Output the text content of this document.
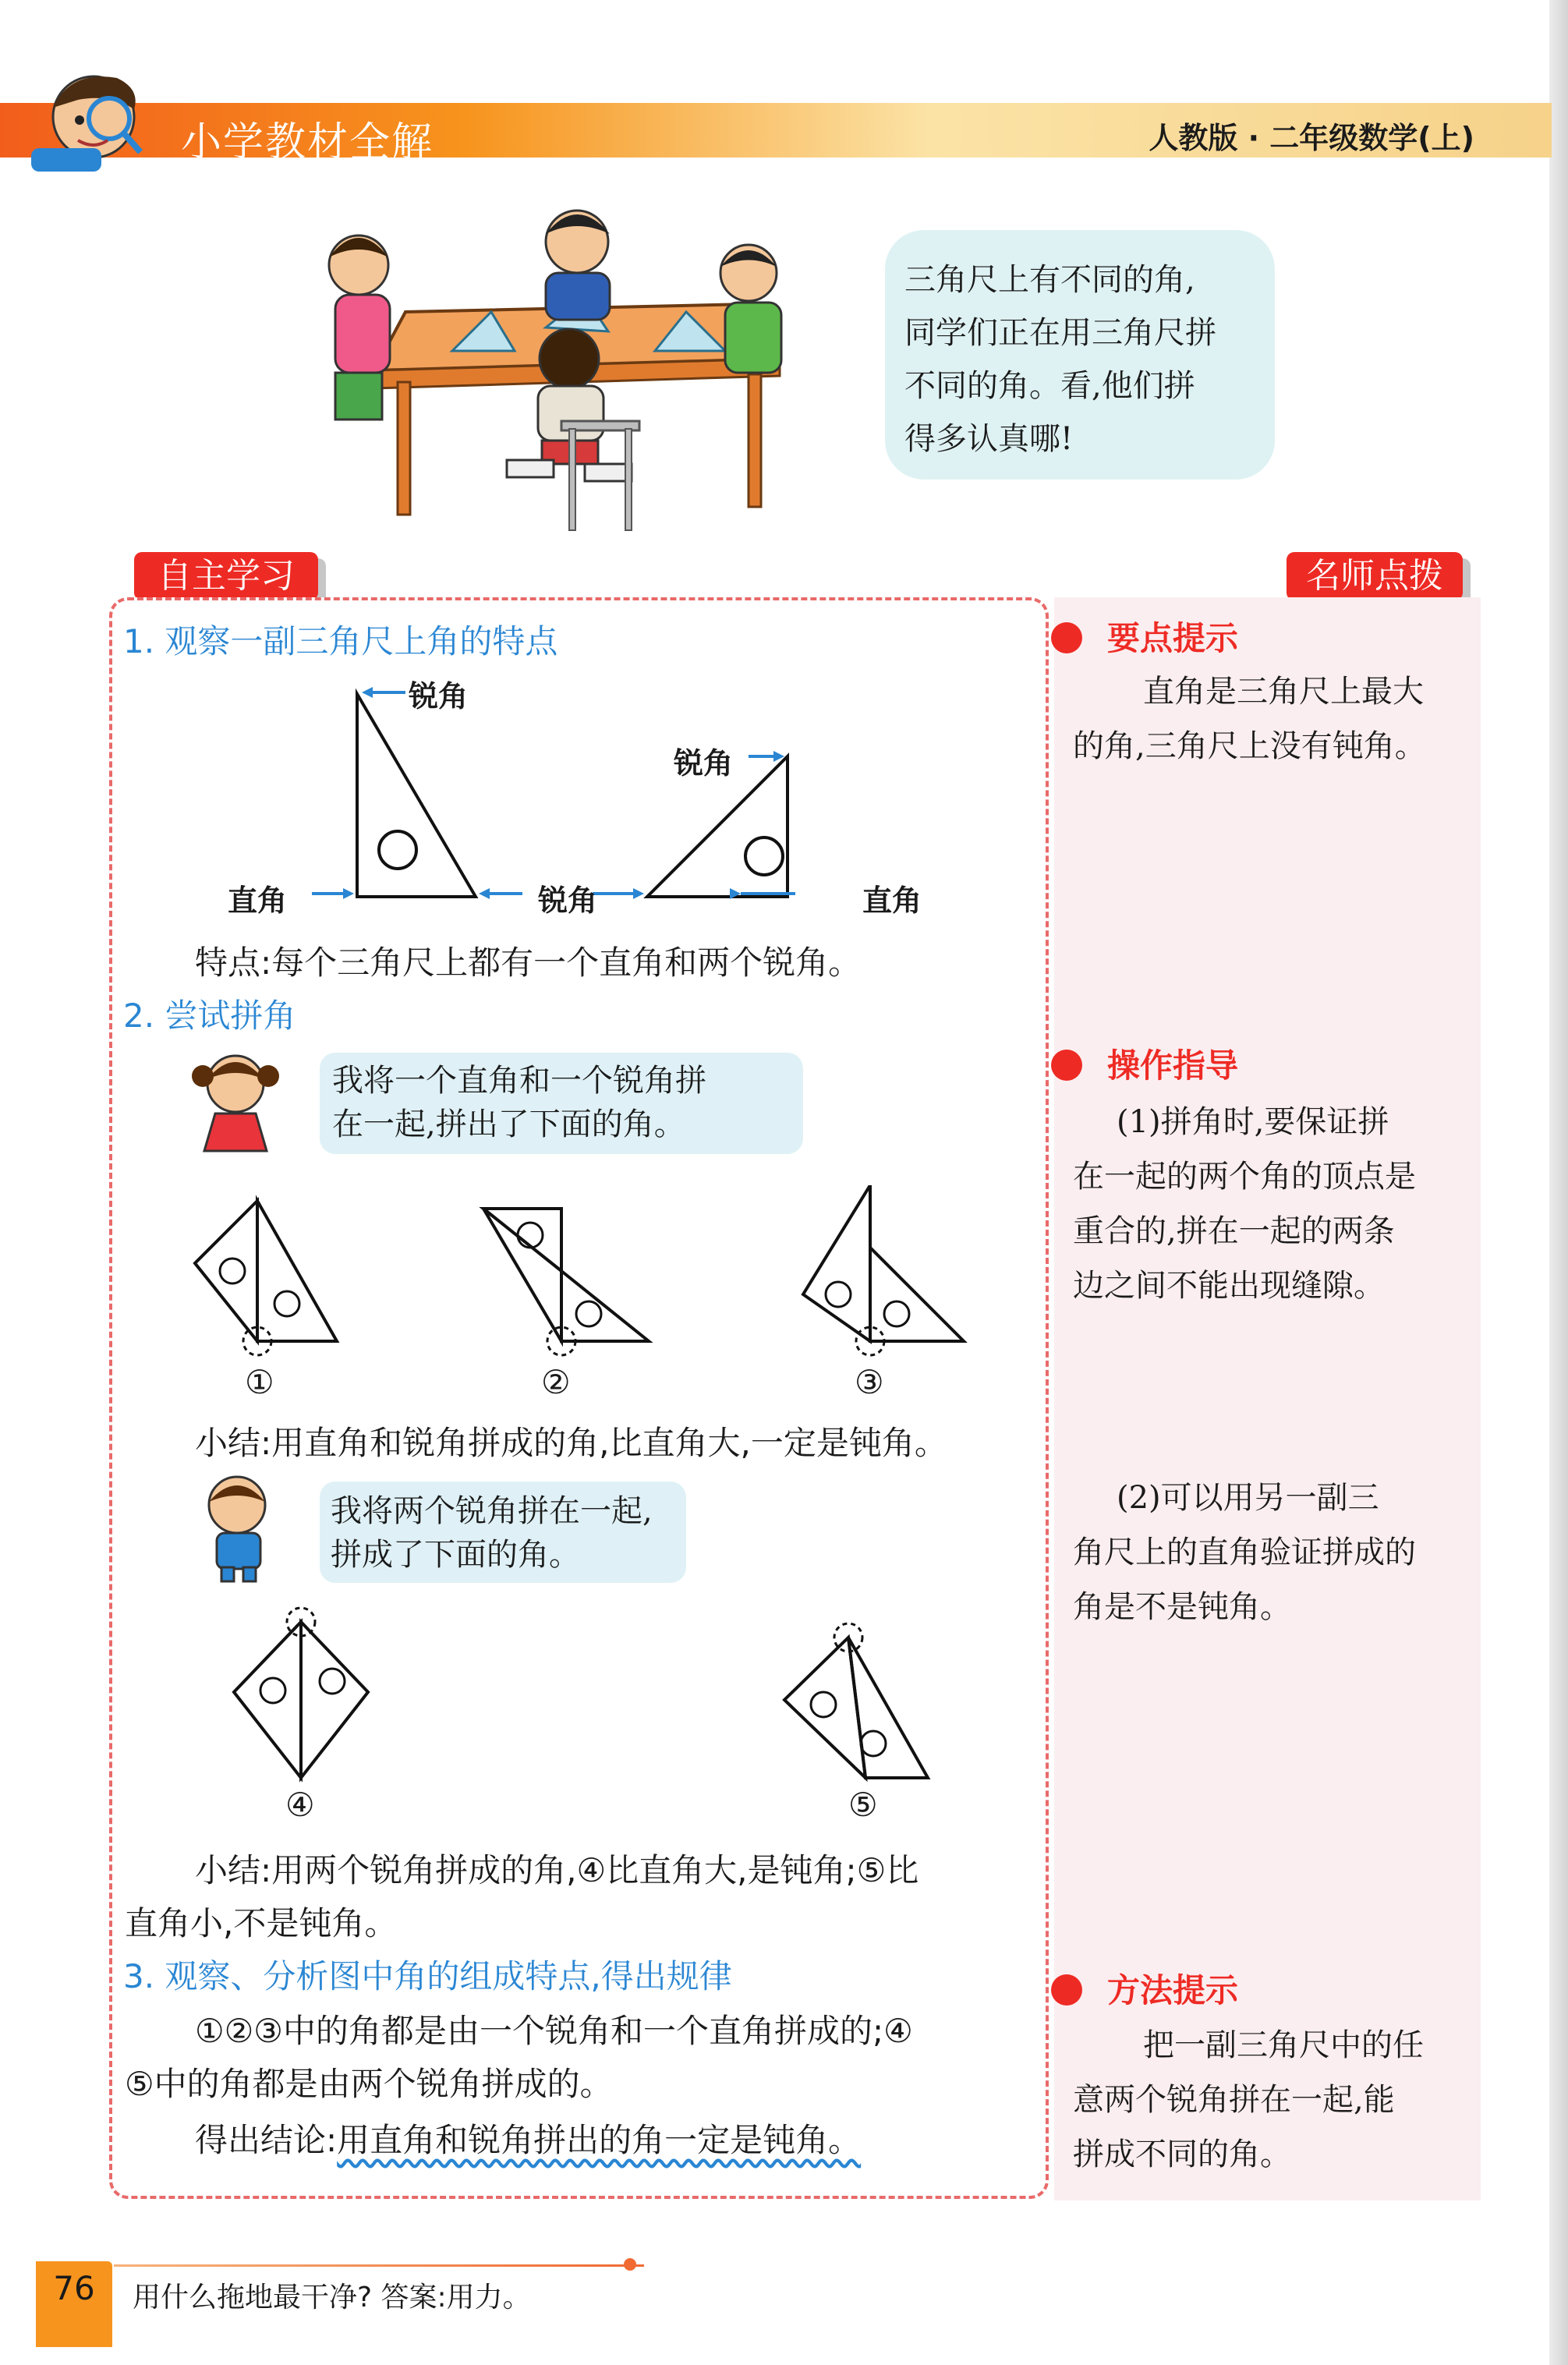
小学教材全解	人教版 · 二年级数学(上)
三角尺上有不同的角,
同学们正在用三角尺拼
不同的角。看,他们拼
得多认真哪!
自主学习	名师点拨
1. 观察一副三角尺上角的特点
锐角
锐角
直角	锐角	直角
特点:每个三角尺上都有一个直角和两个锐角。
2. 尝试拼角
我将一个直角和一个锐角拼
在一起,拼出了下面的角。
①	②	③
小结:用直角和锐角拼成的角,比直角大,一定是钝角。
我将两个锐角拼在一起,
拼成了下面的角。
④	⑤
小结:用两个锐角拼成的角,④比直角大,是钝角;⑤比
直角小,不是钝角。
3. 观察、分析图中角的组成特点,得出规律
①②③中的角都是由一个锐角和一个直角拼成的;④
⑤中的角都是由两个锐角拼成的。
得出结论:用直角和锐角拼出的角一定是钝角。
要点提示
直角是三角尺上最大
的角,三角尺上没有钝角。
操作指导
(1)拼角时,要保证拼
在一起的两个角的顶点是
重合的,拼在一起的两条
边之间不能出现缝隙。
(2)可以用另一副三
角尺上的直角验证拼成的
角是不是钝角。
方法提示
把一副三角尺中的任
意两个锐角拼在一起,能
拼成不同的角。
76	用什么拖地最干净? 答案:用力。
